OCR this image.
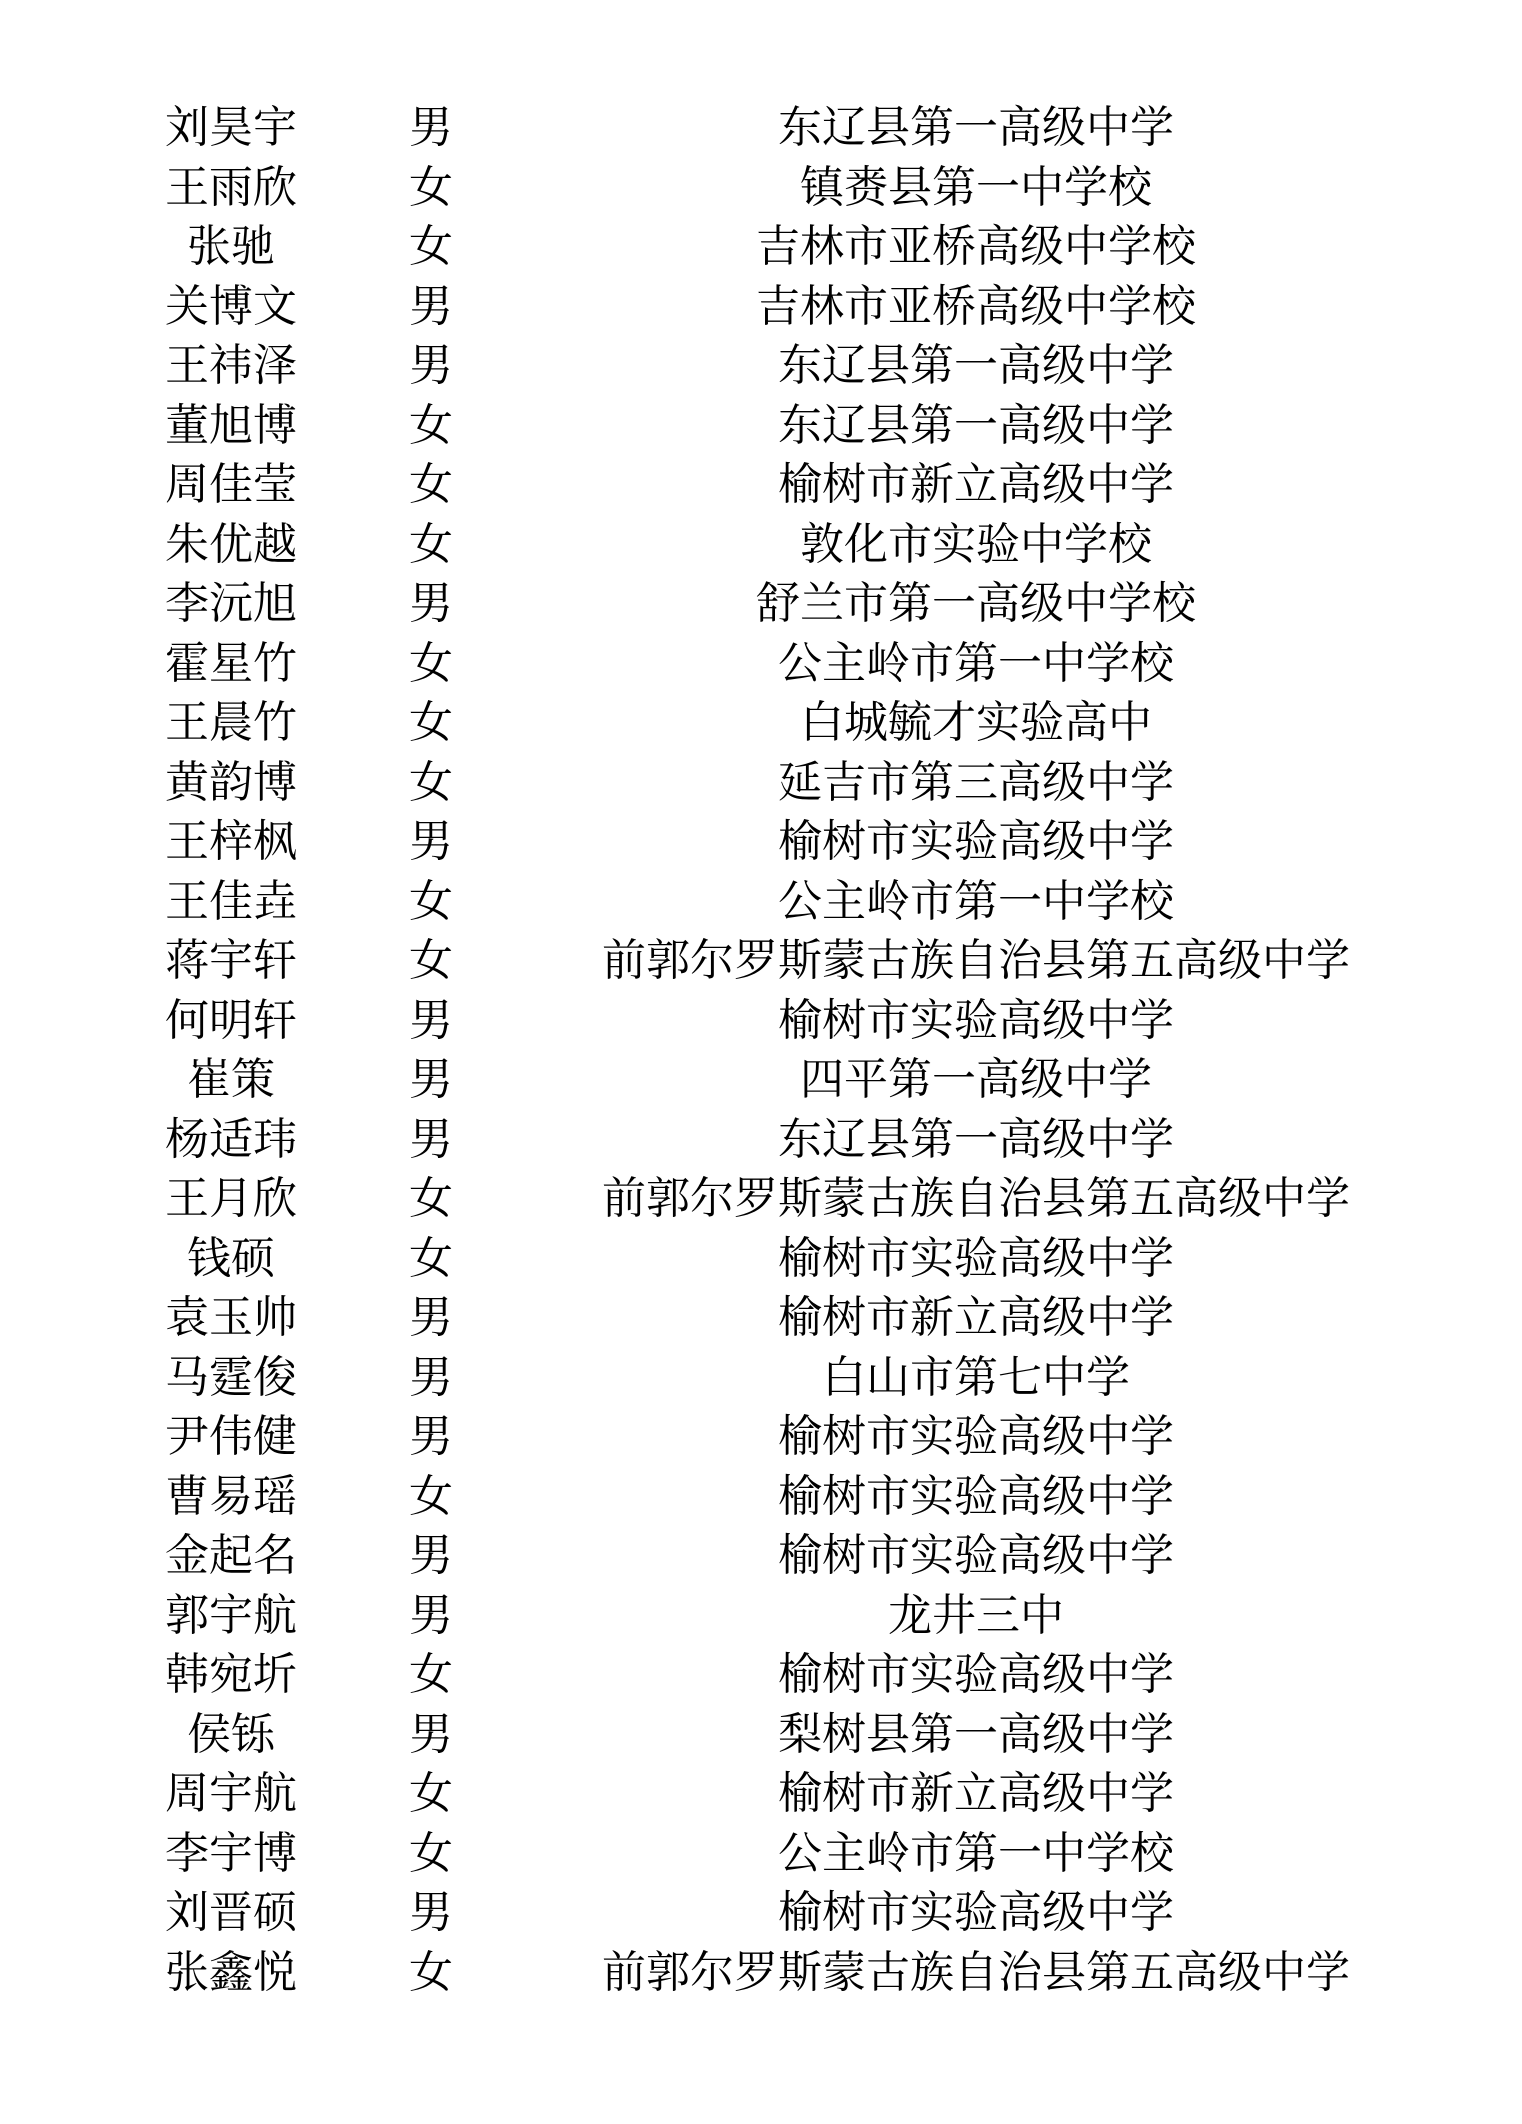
刘昊宇	男	东辽县第一高级中学
王雨欣	女	镇赉县第一中学校
张驰	女	吉林市亚桥高级中学校
关博文	男	吉林市亚桥高级中学校
王祎泽	男	东辽县第一高级中学
董旭博	女	东辽县第一高级中学
周佳莹	女	榆树市新立高级中学
朱优越	女	敦化市实验中学校
李沅旭	男	舒兰市第一高级中学校
霍星竹	女	公主岭市第一中学校
王晨竹	女	白城毓才实验高中
黄韵博	女	延吉市第三高级中学
王梓枫	男	榆树市实验高级中学
王佳垚	女	公主岭市第一中学校
蒋宇轩	女	前郭尔罗斯蒙古族自治县第五高级中学
何明轩	男	榆树市实验高级中学
崔策	男	四平第一高级中学
杨适玮	男	东辽县第一高级中学
王月欣	女	前郭尔罗斯蒙古族自治县第五高级中学
钱硕	女	榆树市实验高级中学
袁玉帅	男	榆树市新立高级中学
马霆俊	男	白山市第七中学
尹伟健	男	榆树市实验高级中学
曹易瑶	女	榆树市实验高级中学
金起名	男	榆树市实验高级中学
郭宇航	男	龙井三中
韩宛圻	女	榆树市实验高级中学
侯铄	男	梨树县第一高级中学
周宇航	女	榆树市新立高级中学
李宇博	女	公主岭市第一中学校
刘晋硕	男	榆树市实验高级中学
张鑫悦	女	前郭尔罗斯蒙古族自治县第五高级中学
